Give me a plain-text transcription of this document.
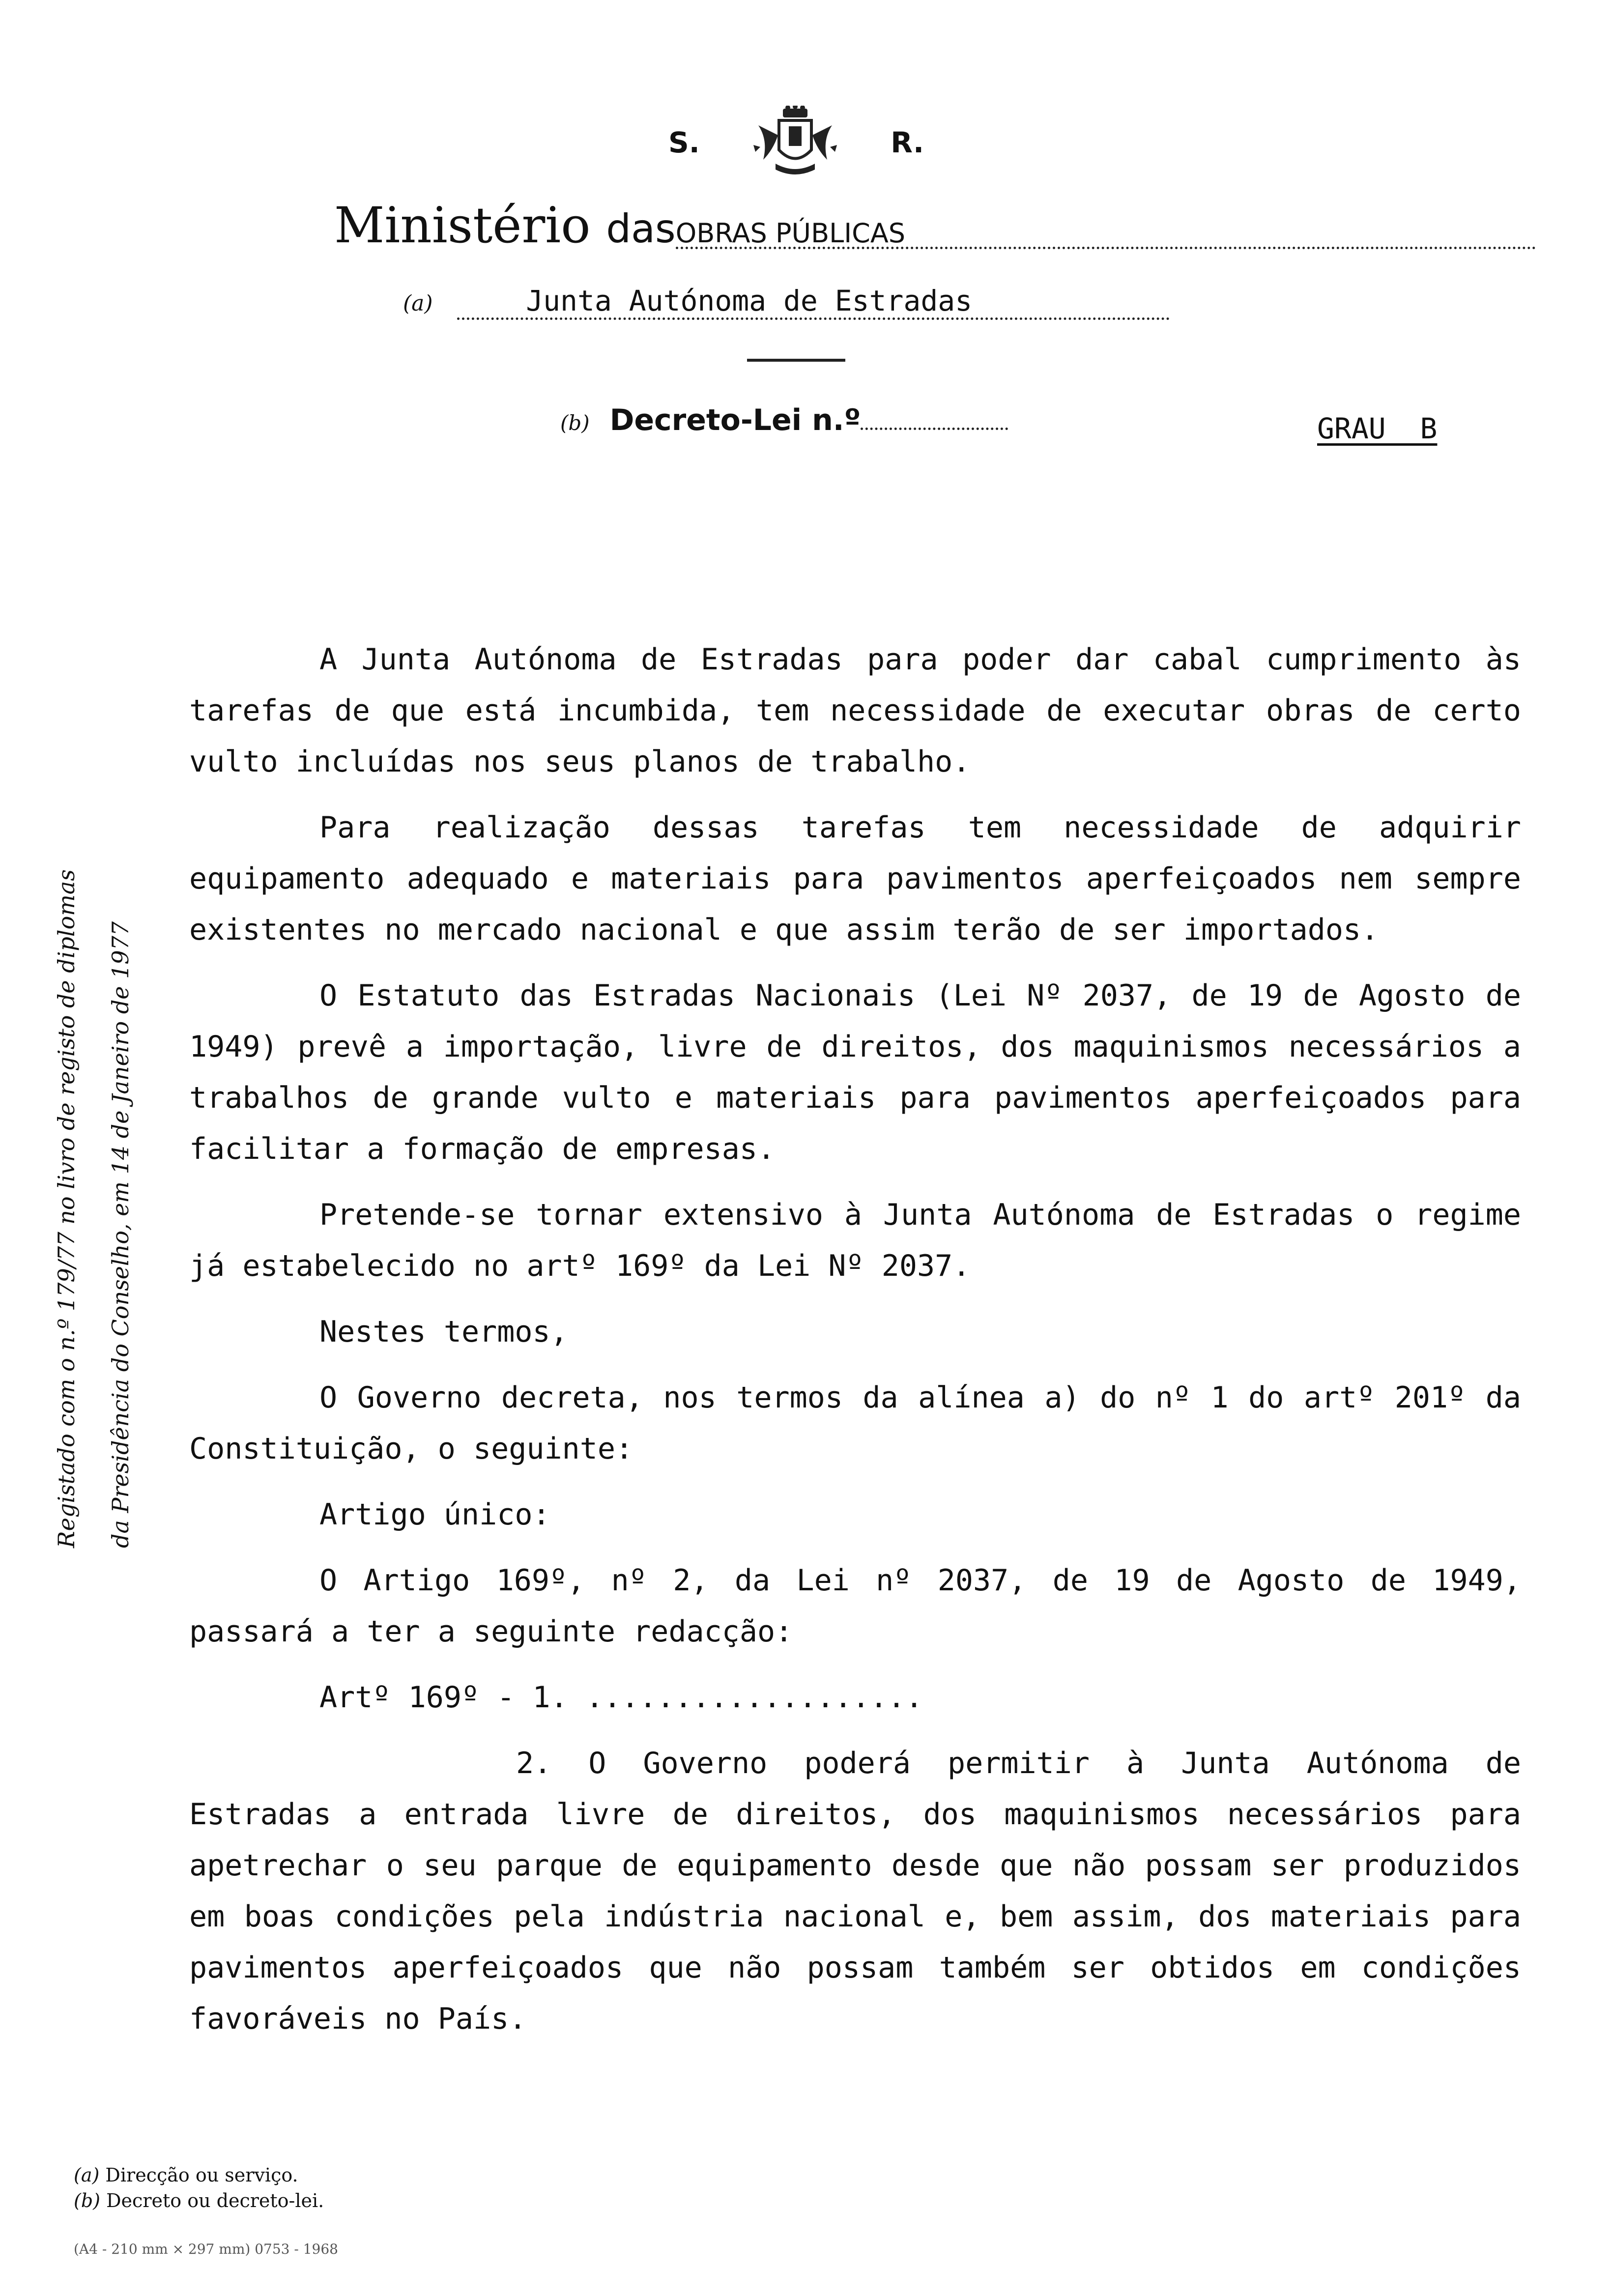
S.	R.
Ministério dasOBRAS PÚBLICAS
(a)	Junta Autónoma de Estradas
(b) Decreto-Lei n.º	GRAU  B
Registado com o n.º 179/77 no livro de registo de diplomas	da Presidência do Conselho, em 14 de Janeiro de 1977

A Junta Autónoma de Estradas para poder dar cabal cumprimento às tarefas de que está incumbida, tem necessidade de executar obras de certo vulto incluídas nos seus planos de trabalho.

Para realização dessas tarefas tem necessidade de adquirir equipamento adequado e materiais para pavimentos aperfeiçoados nem sempre existentes no mercado nacional e que assim terão de ser importados.

O Estatuto das Estradas Nacionais (Lei Nº 2037, de 19 de Agosto de 1949) prevê a importação, livre de direitos, dos maquinismos necessários a trabalhos de grande vulto e materiais para pavimentos aperfeiçoados para facilitar a formação de empresas.

Pretende-se tornar extensivo à Junta Autónoma de Estradas o regime já estabelecido no artº 169º da Lei Nº 2037.

Nestes termos,

O Governo decreta, nos termos da alínea a) do nº 1 do artº 201º da Constituição, o seguinte:

Artigo único:

O Artigo 169º, nº 2, da Lei nº 2037, de 19 de Agosto de 1949, passará a ter a seguinte redacção:

Artº 169º - 1. ...................

2. O Governo poderá permitir à Junta Autónoma de Estradas a entrada livre de direitos, dos maquinismos necessários para apetrechar o seu parque de equipamento desde que não possam ser produzidos em boas condições pela indústria nacional e, bem assim, dos materiais para pavimentos aperfeiçoados que não possam também ser obtidos em condições favoráveis no País.

(a) Direcção ou serviço.
(b) Decreto ou decreto-lei.
(A4 - 210 mm × 297 mm) 0753 - 1968
